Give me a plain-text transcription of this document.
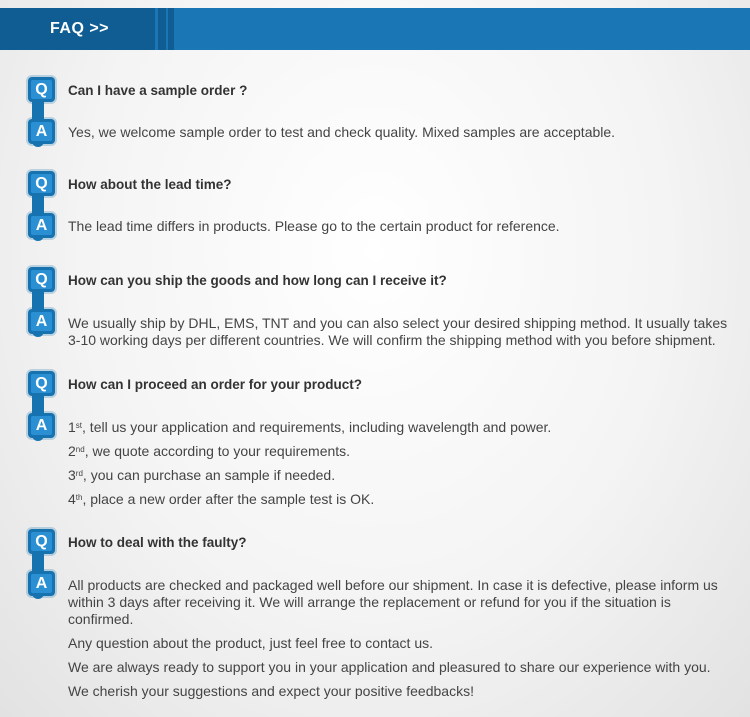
FAQ >>
Q	Can I have a sample order ?
A	Yes, we welcome sample order to test and check quality. Mixed samples are acceptable.

Q	How about the lead time?
A	The lead time differs in products. Please go to the certain product for reference.

Q	How can you ship the goods and how long can I receive it?
A	We usually ship by DHL, EMS, TNT and you can also select your desired shipping method. It usually takes 3-10 working days per different countries. We will confirm the shipping method with you before shipment.

Q	How can I proceed an order for your product?
A	1st, tell us your application and requirements, including wavelength and power.

2nd, we quote according to your requirements.

3rd, you can purchase an sample if needed.

4th, place a new order after the sample test is OK.

Q	How to deal with the faulty?
A	All products are checked and packaged well before our shipment. In case it is defective, please inform us within 3 days after receiving it. We will arrange the replacement or refund for you if the situation is confirmed.

Any question about the product, just feel free to contact us.

We are always ready to support you in your application and pleasured to share our experience with you.

We cherish your suggestions and expect your positive feedbacks!
